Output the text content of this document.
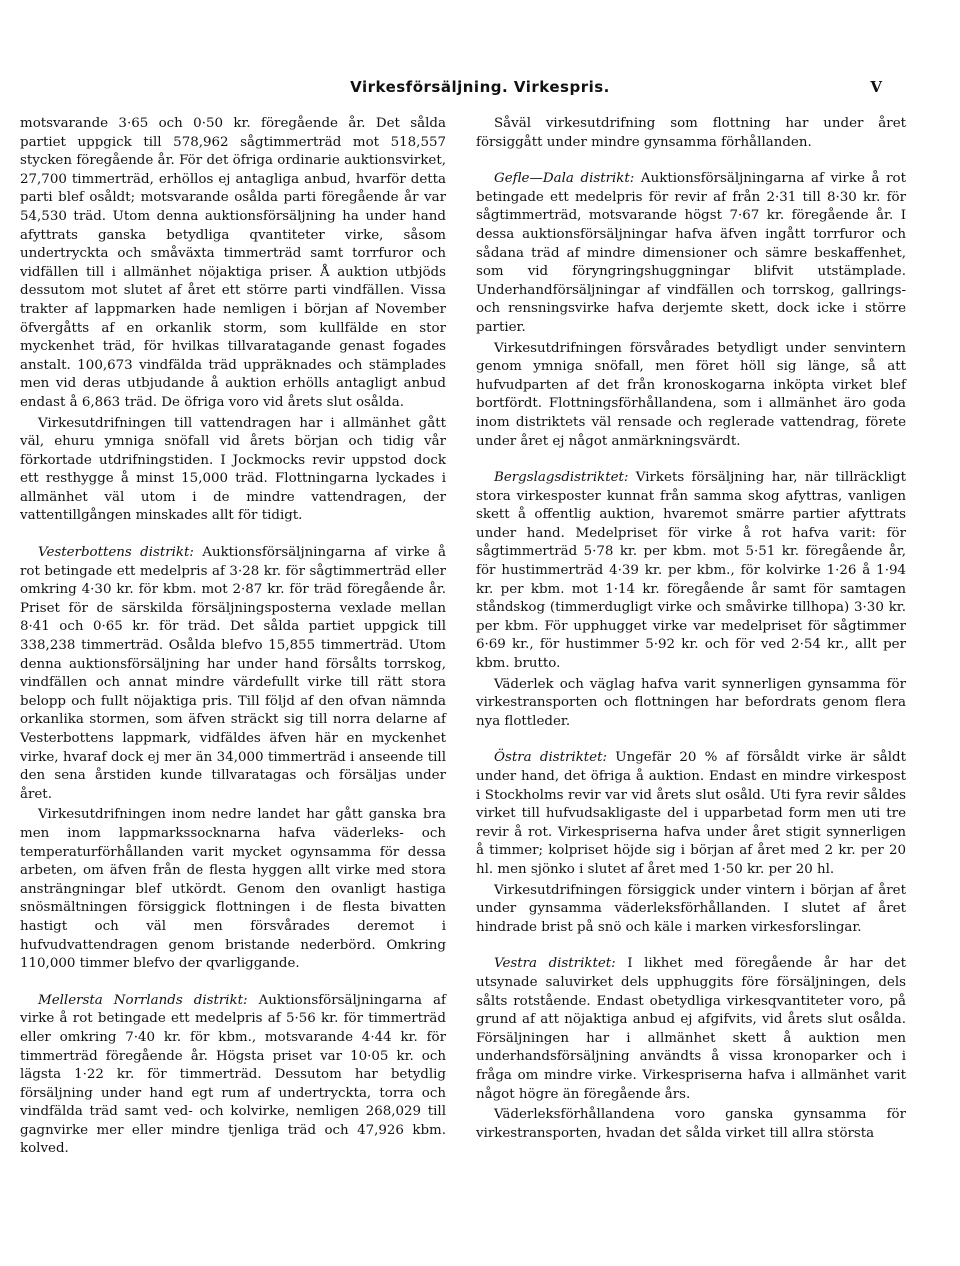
Virkesförsäljning. Virkespris.	V

motsvarande 3·65 och 0·50 kr. föregående år. Det sålda partiet uppgick till 578,962 sågtimmerträd mot 518,557 stycken föregående år. För det öfriga ordinarie auktionsvirket, 27,700 timmerträd, erhöllos ej antagliga anbud, hvarför detta parti blef osåldt; motsvarande osålda parti föregående år var 54,530 träd. Utom denna auktionsförsäljning ha under hand afyttrats ganska betydliga qvantiteter virke, såsom undertryckta och småväxta timmerträd samt torrfuror och vidfällen till i allmänhet nöjaktiga priser. Å auktion utbjöds dessutom mot slutet af året ett större parti vindfällen. Vissa trakter af lappmarken hade nemligen i början af November öfvergåtts af en orkanlik storm, som kullfälde en stor myckenhet träd, för hvilkas tillvaratagande genast fogades anstalt. 100,673 vindfälda träd uppräknades och stämplades men vid deras utbjudande å auktion erhölls antagligt anbud endast å 6,863 träd. De öfriga voro vid årets slut osålda.

Virkesutdrifningen till vattendragen har i allmänhet gått väl, ehuru ymniga snöfall vid årets början och tidig vår förkortade utdrifningstiden. I Jockmocks revir uppstod dock ett resthygge å minst 15,000 träd. Flottningarna lyckades i allmänhet väl utom i de mindre vattendragen, der vattentillgången minskades allt för tidigt.

Vesterbottens distrikt: Auktionsförsäljningarna af virke å rot betingade ett medelpris af 3·28 kr. för sågtimmerträd eller omkring 4·30 kr. för kbm. mot 2·87 kr. för träd föregående år. Priset för de särskilda försäljningsposterna vexlade mellan 8·41 och 0·65 kr. för träd. Det sålda partiet uppgick till 338,238 timmerträd. Osålda blefvo 15,855 timmerträd. Utom denna auktionsförsäljning har under hand försålts torrskog, vindfällen och annat mindre värdefullt virke till rätt stora belopp och fullt nöjaktiga pris. Till följd af den ofvan nämnda orkanlika stormen, som äfven sträckt sig till norra delarne af Vesterbottens lappmark, vidfäldes äfven här en myckenhet virke, hvaraf dock ej mer än 34,000 timmerträd i anseende till den sena årstiden kunde tillvaratagas och försäljas under året.

Virkesutdrifningen inom nedre landet har gått ganska bra men inom lappmarkssocknarna hafva väderleks- och temperaturförhållanden varit mycket ogynsamma för dessa arbeten, om äfven från de flesta hyggen allt virke med stora ansträngningar blef utkördt. Genom den ovanligt hastiga snösmältningen försiggick flottningen i de flesta bivatten hastigt och väl men försvårades deremot i hufvudvattendragen genom bristande nederbörd. Omkring 110,000 timmer blefvo der qvarliggande.

Mellersta Norrlands distrikt: Auktionsförsäljningarna af virke å rot betingade ett medelpris af 5·56 kr. för timmerträd eller omkring 7·40 kr. för kbm., motsvarande 4·44 kr. för timmerträd föregående år. Högsta priset var 10·05 kr. och lägsta 1·22 kr. för timmerträd. Dessutom har betydlig försäljning under hand egt rum af undertryckta, torra och vindfälda träd samt ved- och kolvirke, nemligen 268,029 till gagnvirke mer eller mindre tjenliga träd och 47,926 kbm. kolved.

Såväl virkesutdrifning som flottning har under året försiggått under mindre gynsamma förhållanden.

Gefle—Dala distrikt: Auktionsförsäljningarna af virke å rot betingade ett medelpris för revir af från 2·31 till 8·30 kr. för sågtimmerträd, motsvarande högst 7·67 kr. föregående år. I dessa auktionsförsäljningar hafva äfven ingått torrfuror och sådana träd af mindre dimensioner och sämre beskaffenhet, som vid föryngringshuggningar blifvit utstämplade. Underhandförsäljningar af vindfällen och torrskog, gallrings- och rensningsvirke hafva derjemte skett, dock icke i större partier.

Virkesutdrifningen försvårades betydligt under senvintern genom ymniga snöfall, men föret höll sig länge, så att hufvudparten af det från kronoskogarna inköpta virket blef bortfördt. Flottningsförhållandena, som i allmänhet äro goda inom distriktets väl rensade och reglerade vattendrag, förete under året ej något anmärkningsvärdt.

Bergslagsdistriktet: Virkets försäljning har, när tillräckligt stora virkesposter kunnat från samma skog afyttras, vanligen skett å offentlig auktion, hvaremot smärre partier afyttrats under hand. Medelpriset för virke å rot hafva varit: för sågtimmerträd 5·78 kr. per kbm. mot 5·51 kr. föregående år, för hustimmerträd 4·39 kr. per kbm., för kolvirke 1·26 å 1·94 kr. per kbm. mot 1·14 kr. föregående år samt för samtagen ståndskog (timmerdugligt virke och småvirke tillhopa) 3·30 kr. per kbm. För upphugget virke var medelpriset för sågtimmer 6·69 kr., för hustimmer 5·92 kr. och för ved 2·54 kr., allt per kbm. brutto.

Väderlek och väglag hafva varit synnerligen gynsamma för virkestransporten och flottningen har befordrats genom flera nya flottleder.

Östra distriktet: Ungefär 20 % af försåldt virke är såldt under hand, det öfriga å auktion. Endast en mindre virkespost i Stockholms revir var vid årets slut osåld. Uti fyra revir såldes virket till hufvudsakligaste del i upparbetad form men uti tre revir å rot. Virkespriserna hafva under året stigit synnerligen å timmer; kolpriset höjde sig i början af året med 2 kr. per 20 hl. men sjönko i slutet af året med 1·50 kr. per 20 hl.

Virkesutdrifningen försiggick under vintern i början af året under gynsamma väderleksförhållanden. I slutet af året hindrade brist på snö och käle i marken virkesforslingar.

Vestra distriktet: I likhet med föregående år har det utsynade saluvirket dels upphuggits före försäljningen, dels sålts rotstående. Endast obetydliga virkesqvantiteter voro, på grund af att nöjaktiga anbud ej afgifvits, vid årets slut osålda. Försäljningen har i allmänhet skett å auktion men underhandsförsäljning användts å vissa kronoparker och i fråga om mindre virke. Virkespriserna hafva i allmänhet varit något högre än föregående års.

Väderleksförhållandena voro ganska gynsamma för virkestransporten, hvadan det sålda virket till allra största
